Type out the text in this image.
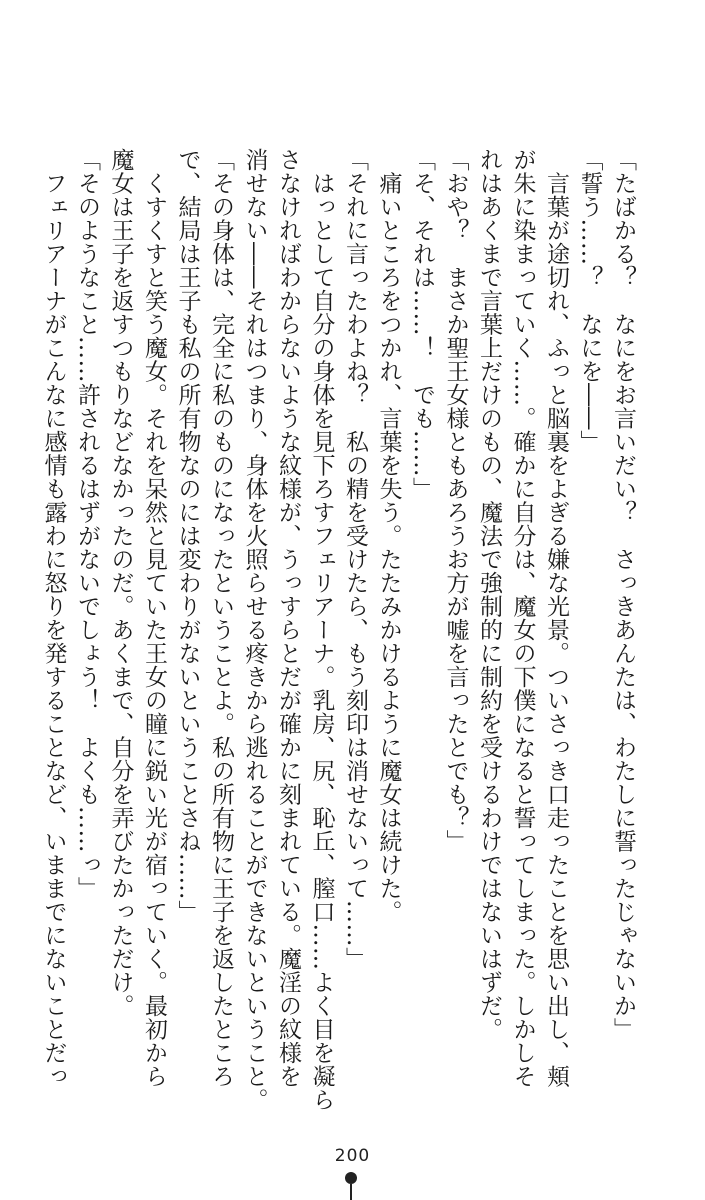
「たばかる？　なにをお言いだい？　さっきあんたは、わたしに誓ったじゃないか」
「誓う……？　なにを――」
　言葉が途切れ、ふっと脳裏をよぎる嫌な光景。ついさっき口走ったことを思い出し、頬
が朱に染まっていく……。確かに自分は、魔女の下僕になると誓ってしまった。しかしそ
れはあくまで言葉上だけのもの、魔法で強制的に制約を受けるわけではないはずだ。
「おや？　まさか聖王女様ともあろうお方が嘘を言ったとでも？」
「そ、それは……！　でも……」
　痛いところをつかれ、言葉を失う。たたみかけるように魔女は続けた。
「それに言ったわよね？　私の精を受けたら、もう刻印は消せないって……」
　はっとして自分の身体を見下ろすフェリアーナ。乳房、尻、恥丘、膣口……よく目を凝ら
さなければわからないような紋様が、うっすらとだが確かに刻まれている。魔淫の紋様を
消せない――それはつまり、身体を火照らせる疼きから逃れることができないということ。
「その身体は、完全に私のものになったということよ。私の所有物に王子を返したところ
で、結局は王子も私の所有物なのには変わりがないということさね……」
　くすくすと笑う魔女。それを呆然と見ていた王女の瞳に鋭い光が宿っていく。最初から
魔女は王子を返すつもりなどなかったのだ。あくまで、自分を弄びたかっただけ。
「そのようなこと……許されるはずがないでしょう！　よくも……っ」
　フェリアーナがこんなに感情も露わに怒りを発することなど、いままでにないことだっ
200
